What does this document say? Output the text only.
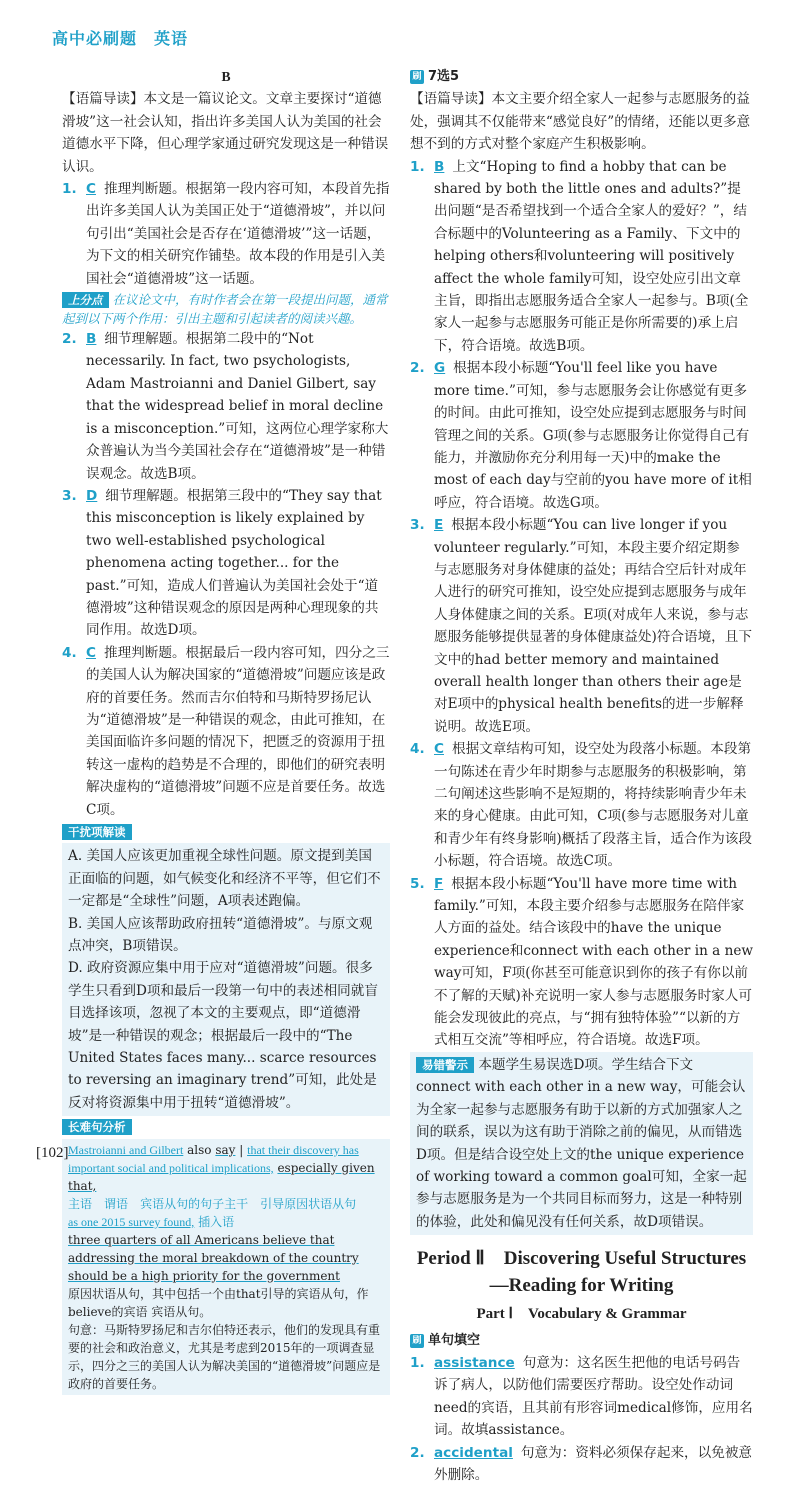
高中必刷题　英语

B

【语篇导读】本文是一篇议论文。文章主要探讨“道德滑坡”这一社会认知，指出许多美国人认为美国的社会道德水平下降，但心理学家通过研究发现这是一种错误认识。

1. C 推理判断题。根据第一段内容可知，本段首先指出许多美国人认为美国正处于“道德滑坡”，并以问句引出“美国社会是否存在‘道德滑坡’”这一话题，为下文的相关研究作铺垫。故本段的作用是引入美国社会“道德滑坡”这一话题。

上分点 在议论文中，有时作者会在第一段提出问题，通常起到以下两个作用：引出主题和引起读者的阅读兴趣。

2. B 细节理解题。根据第二段中的“Not necessarily. In fact, two psychologists, Adam Mastroianni and Daniel Gilbert, say that the widespread belief in moral decline is a misconception.”可知，这两位心理学家称大众普遍认为当今美国社会存在“道德滑坡”是一种错误观念。故选B项。

3. D 细节理解题。根据第三段中的“They say that this misconception is likely explained by two well-established psychological phenomena acting together... for the past.”可知，造成人们普遍认为美国社会处于“道德滑坡”这种错误观念的原因是两种心理现象的共同作用。故选D项。

4. C 推理判断题。根据最后一段内容可知，四分之三的美国人认为解决国家的“道德滑坡”问题应该是政府的首要任务。然而吉尔伯特和马斯特罗扬尼认为“道德滑坡”是一种错误的观念，由此可推知，在美国面临许多问题的情况下，把匮乏的资源用于扭转这一虚构的趋势是不合理的，即他们的研究表明解决虚构的“道德滑坡”问题不应是首要任务。故选C项。

干扰项解读

A. 美国人应该更加重视全球性问题。原文提到美国正面临的问题，如气候变化和经济不平等，但它们不一定都是“全球性”问题，A项表述跑偏。

B. 美国人应该帮助政府扭转“道德滑坡”。与原文观点冲突，B项错误。

D. 政府资源应集中用于应对“道德滑坡”问题。很多学生只看到D项和最后一段第一句中的表述相同就盲目选择该项，忽视了本文的主要观点，即“道德滑坡”是一种错误的观念；根据最后一段中的“The United States faces many... scarce resources to reversing an imaginary trend”可知，此处是反对将资源集中用于扭转“道德滑坡”。

长难句分析

Mastroianni and Gilbert also say | that their discovery has important social and political implications, especially given that,

主语　 谓语　 宾语从句的句子主干　 引导原因状语从句

as one 2015 survey found, 插入语

three quarters of all Americans believe that addressing the moral breakdown of the country should be a high priority for the government

原因状语从句，其中包括一个由that引导的宾语从句，作believe的宾语 宾语从句。

句意：马斯特罗扬尼和吉尔伯特还表示，他们的发现具有重要的社会和政治意义，尤其是考虑到2015年的一项调查显示，四分之三的美国人认为解决美国的“道德滑坡”问题应是政府的首要任务。

刷 7选5

【语篇导读】本文主要介绍全家人一起参与志愿服务的益处，强调其不仅能带来“感觉良好”的情绪，还能以更多意想不到的方式对整个家庭产生积极影响。

1. B 上文“Hoping to find a hobby that can be shared by both the little ones and adults?”提出问题“是否希望找到一个适合全家人的爱好？”，结合标题中的Volunteering as a Family、下文中的helping others和volunteering will positively affect the whole family可知，设空处应引出文章主旨，即指出志愿服务适合全家人一起参与。B项(全家人一起参与志愿服务可能正是你所需要的)承上启下，符合语境。故选B项。

2. G 根据本段小标题“You'll feel like you have more time.”可知，参与志愿服务会让你感觉有更多的时间。由此可推知，设空处应提到志愿服务与时间管理之间的关系。G项(参与志愿服务让你觉得自己有能力，并激励你充分利用每一天)中的make the most of each day与空前的you have more of it相呼应，符合语境。故选G项。

3. E 根据本段小标题“You can live longer if you volunteer regularly.”可知，本段主要介绍定期参与志愿服务对身体健康的益处；再结合空后针对成年人进行的研究可推知，设空处应提到志愿服务与成年人身体健康之间的关系。E项(对成年人来说，参与志愿服务能够提供显著的身体健康益处)符合语境，且下文中的had better memory and maintained overall health longer than others their age是对E项中的physical health benefits的进一步解释说明。故选E项。

4. C 根据文章结构可知，设空处为段落小标题。本段第一句陈述在青少年时期参与志愿服务的积极影响，第二句阐述这些影响不是短期的，将持续影响青少年未来的身心健康。由此可知，C项(参与志愿服务对儿童和青少年有终身影响)概括了段落主旨，适合作为该段小标题，符合语境。故选C项。

5. F 根据本段小标题“You'll have more time with family.”可知，本段主要介绍参与志愿服务在陪伴家人方面的益处。结合该段中的have the unique experience和connect with each other in a new way可知，F项(你甚至可能意识到你的孩子有你以前不了解的天赋)补充说明一家人参与志愿服务时家人可能会发现彼此的亮点，与“拥有独特体验”“以新的方式相互交流”等相呼应，符合语境。故选F项。

易错警示 本题学生易误选D项。学生结合下文connect with each other in a new way，可能会认为全家一起参与志愿服务有助于以新的方式加强家人之间的联系，误以为这有助于消除之前的偏见，从而错选D项。但是结合设空处上文的the unique experience of working toward a common goal可知，全家一起参与志愿服务是为一个共同目标而努力，这是一种特别的体验，此处和偏见没有任何关系，故D项错误。

Period Ⅱ　Discovering Useful Structures—Reading for Writing

Part Ⅰ　Vocabulary & Grammar

刷 单句填空

1. assistance 句意为：这名医生把他的电话号码告诉了病人，以防他们需要医疗帮助。设空处作动词need的宾语，且其前有形容词medical修饰，应用名词。故填assistance。

2. accidental 句意为：资料必须保存起来，以免被意外删除。

[102]
